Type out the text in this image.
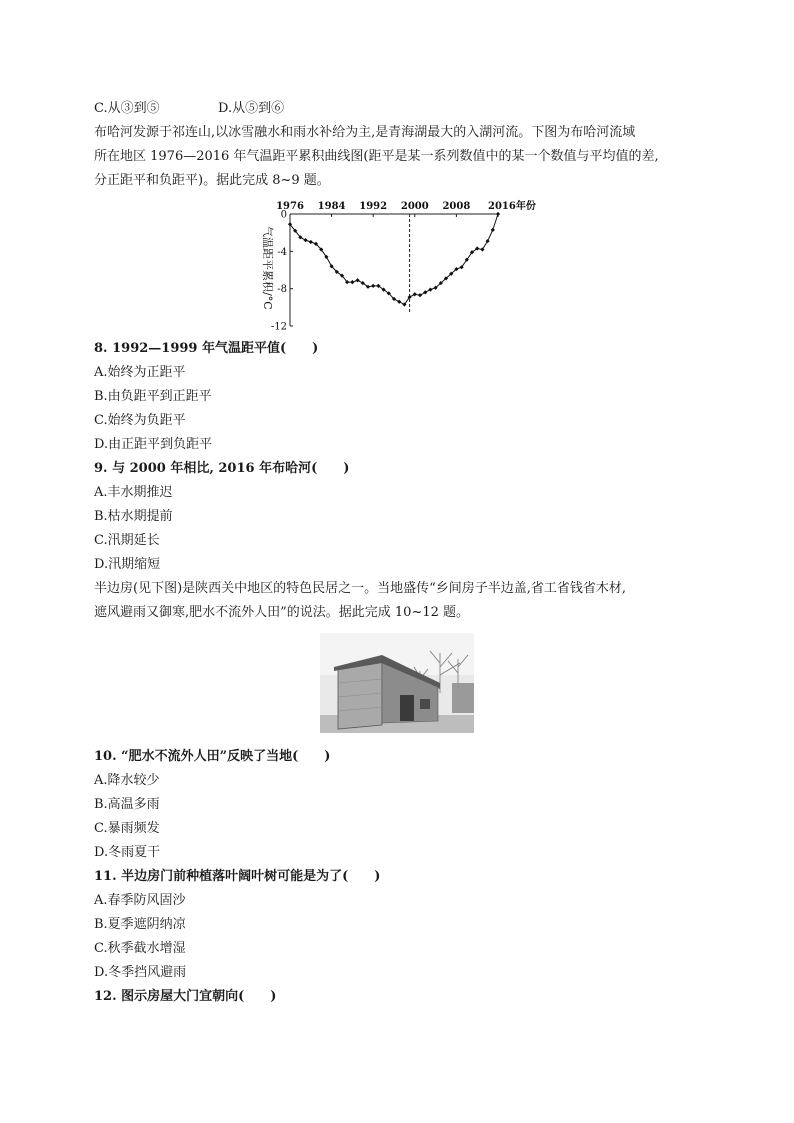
C.从③到⑤	D.从⑤到⑥
布哈河发源于祁连山,以冰雪融水和雨水补给为主,是青海湖最大的入湖河流。下图为布哈河流域
所在地区 1976—2016 年气温距平累积曲线图(距平是某一系列数值中的某一个数值与平均值的差,
分正距平和负距平)。据此完成 8~9 题。
1976 1984 1992 2000 2008 2016年份
0
-4
-8
-12
气温距平累积/°C
8. 1992—1999 年气温距平值(　　)
A.始终为正距平
B.由负距平到正距平
C.始终为负距平
D.由正距平到负距平
9. 与 2000 年相比, 2016 年布哈河(　　)
A.丰水期推迟
B.枯水期提前
C.汛期延长
D.汛期缩短
半边房(见下图)是陕西关中地区的特色民居之一。当地盛传“乡间房子半边盖,省工省钱省木材,
遮风避雨又御寒,肥水不流外人田”的说法。据此完成 10~12 题。
10. “肥水不流外人田”反映了当地(　　)
A.降水较少
B.高温多雨
C.暴雨频发
D.冬雨夏干
11. 半边房门前种植落叶阔叶树可能是为了(　　)
A.春季防风固沙
B.夏季遮阴纳凉
C.秋季截水增湿
D.冬季挡风避雨
12. 图示房屋大门宜朝向(　　)
